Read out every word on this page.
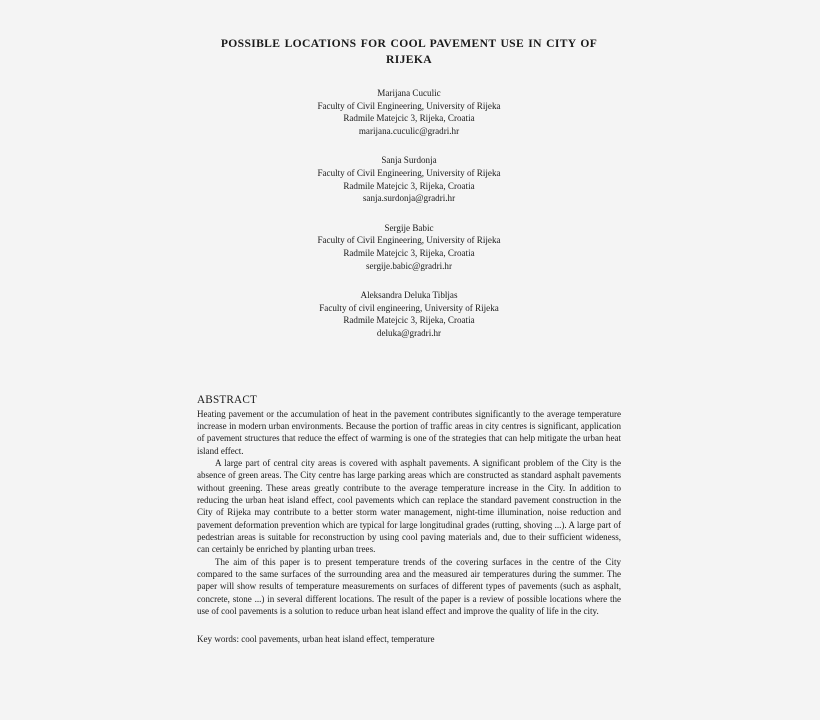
POSSIBLE LOCATIONS FOR COOL PAVEMENT USE IN CITY OF RIJEKA
Marijana Cuculic
Faculty of Civil Engineering, University of Rijeka
Radmile Matejcic 3, Rijeka, Croatia
marijana.cuculic@gradri.hr
Sanja Surdonja
Faculty of Civil Engineering, University of Rijeka
Radmile Matejcic 3, Rijeka, Croatia
sanja.surdonja@gradri.hr
Sergije Babic
Faculty of Civil Engineering, University of Rijeka
Radmile Matejcic 3, Rijeka, Croatia
sergije.babic@gradri.hr
Aleksandra Deluka Tibljas
Faculty of civil engineering, University of Rijeka
Radmile Matejcic 3, Rijeka, Croatia
deluka@gradri.hr
ABSTRACT

Heating pavement or the accumulation of heat in the pavement contributes significantly to the average temperature increase in modern urban environments. Because the portion of traffic areas in city centres is significant, application of pavement structures that reduce the effect of warming is one of the strategies that can help mitigate the urban heat island effect.

A large part of central city areas is covered with asphalt pavements. A significant problem of the City is the absence of green areas. The City centre has large parking areas which are constructed as standard asphalt pavements without greening. These areas greatly contribute to the average temperature increase in the City. In addition to reducing the urban heat island effect, cool pavements which can replace the standard pavement construction in the City of Rijeka may contribute to a better storm water management, night-time illumination, noise reduction and pavement deformation prevention which are typical for large longitudinal grades (rutting, shoving ...). A large part of pedestrian areas is suitable for reconstruction by using cool paving materials and, due to their sufficient wideness, can certainly be enriched by planting urban trees.

The aim of this paper is to present temperature trends of the covering surfaces in the centre of the City compared to the same surfaces of the surrounding area and the measured air temperatures during the summer. The paper will show results of temperature measurements on surfaces of different types of pavements (such as asphalt, concrete, stone ...) in several different locations. The result of the paper is a review of possible locations where the use of cool pavements is a solution to reduce urban heat island effect and improve the quality of life in the city.

Key words: cool pavements, urban heat island effect, temperature
